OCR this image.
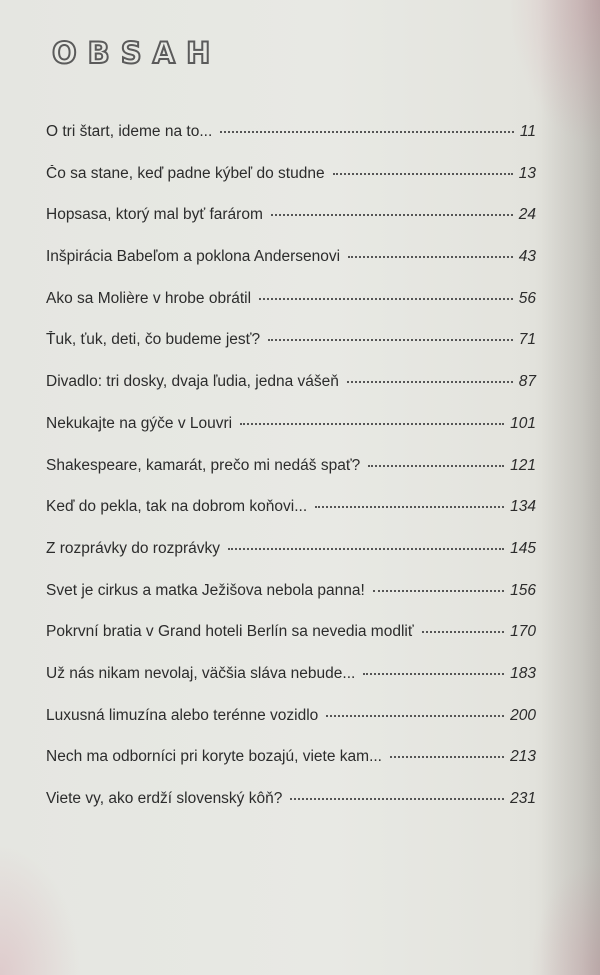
OBSAH
O tri štart, ideme na to...	11
Čo sa stane, keď padne kýbeľ do studne	13
Hopsasa, ktorý mal byť farárom	24
Inšpirácia Babeľom a poklona Andersenovi	43
Ako sa Molière v hrobe obrátil	56
Ťuk, ťuk, deti, čo budeme jesť?	71
Divadlo: tri dosky, dvaja ľudia, jedna vášeň	87
Nekukajte na gýče v Louvri	101
Shakespeare, kamarát, prečo mi nedáš spať?	121
Keď do pekla, tak na dobrom koňovi...	134
Z rozprávky do rozprávky	145
Svet je cirkus a matka Ježišova nebola panna!	156
Pokrvní bratia v Grand hoteli Berlín sa nevedia modliť	170
Už nás nikam nevolaj, väčšia sláva nebude...	183
Luxusná limuzína alebo terénne vozidlo	200
Nech ma odborníci pri koryte bozajú, viete kam...	213
Viete vy, ako erdží slovenský kôň?	231
